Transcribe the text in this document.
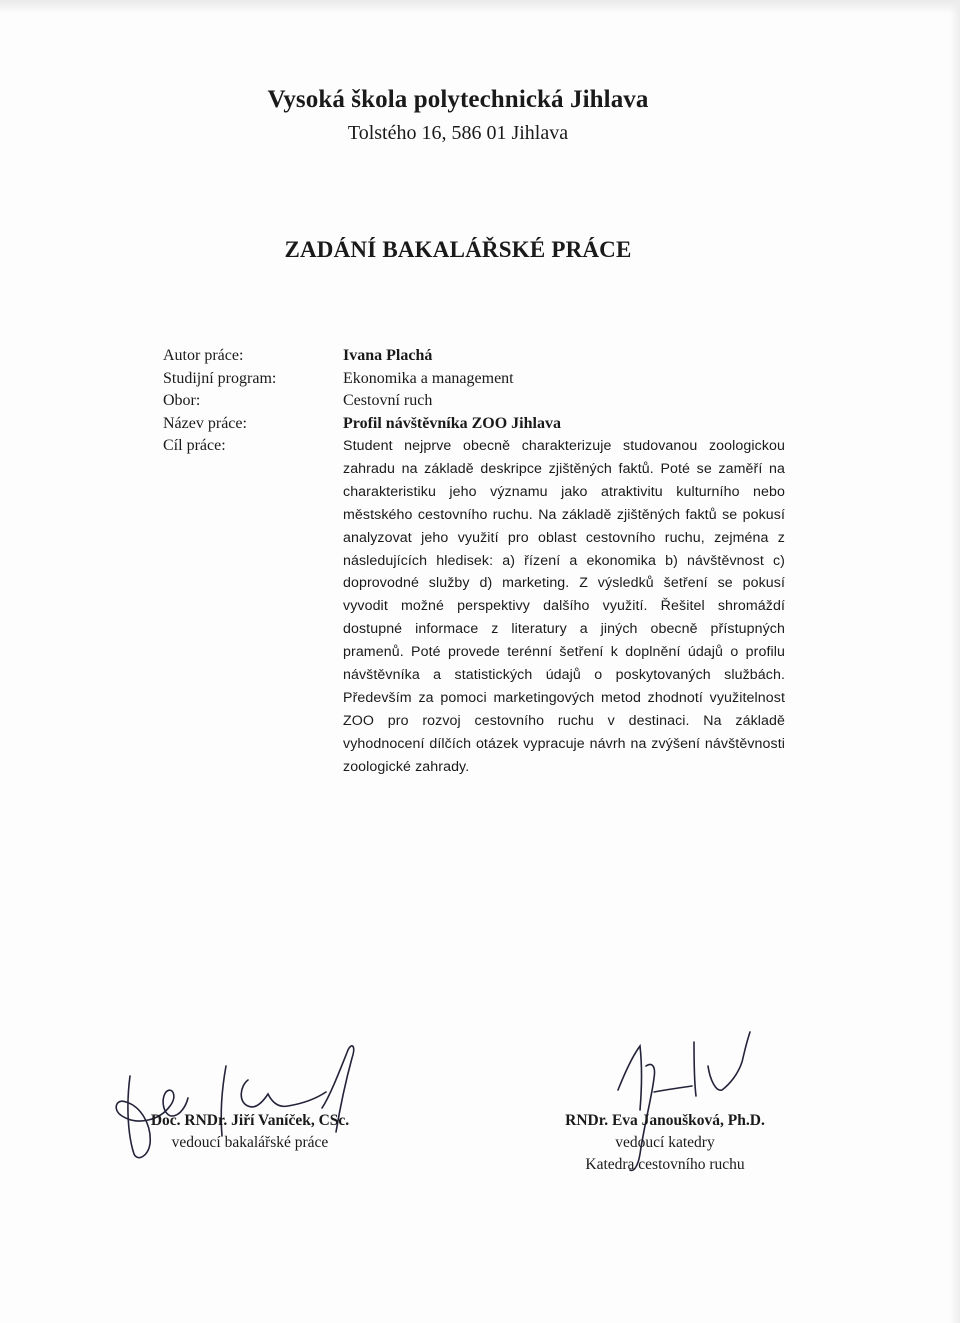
Vysoká škola polytechnická Jihlava
Tolstého 16, 586 01 Jihlava
ZADÁNÍ BAKALÁŘSKÉ PRÁCE
Autor práce:
Studijní program:
Obor:
Název práce:
Cíl práce:
Ivana Plachá
Ekonomika a management
Cestovní ruch
Profil návštěvníka ZOO Jihlava
Student nejprve obecně charakterizuje studovanou zoologickou zahradu na základě deskripce zjištěných faktů. Poté se zaměří na charakteristiku jeho významu jako atraktivitu kulturního nebo městského cestovního ruchu. Na základě zjištěných faktů se pokusí analyzovat jeho využití pro oblast cestovního ruchu, zejména z následujících hledisek: a) řízení a ekonomika b) návštěvnost c) doprovodné služby d) marketing. Z výsledků šetření se pokusí vyvodit možné perspektivy dalšího využití. Řešitel shromáždí dostupné informace z literatury a jiných obecně přístupných pramenů. Poté provede terénní šetření k doplnění údajů o profilu návštěvníka a statistických údajů o poskytovaných službách. Především za pomoci marketingových metod zhodnotí využitelnost ZOO pro rozvoj cestovního ruchu v destinaci. Na základě vyhodnocení dílčích otázek vypracuje návrh na zvýšení návštěvnosti zoologické zahrady.
Doc. RNDr. Jiří Vaníček, CSc.
vedoucí bakalářské práce
RNDr. Eva Janoušková, Ph.D.
vedoucí katedry
Katedra cestovního ruchu
